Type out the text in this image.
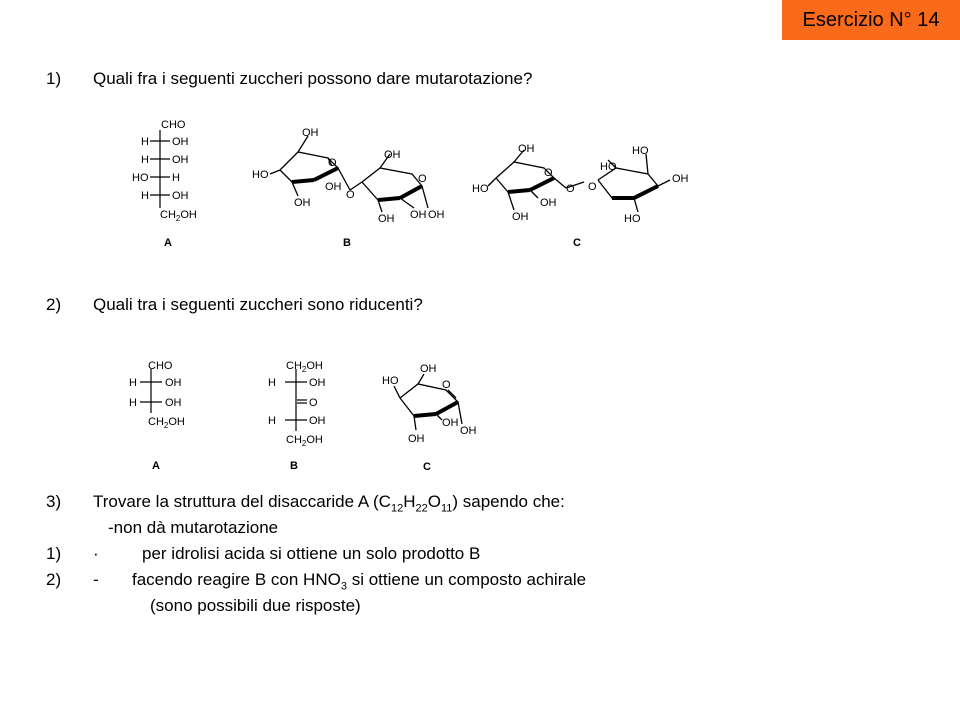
Esercizio N° 14
1) Quali fra i seguenti zuccheri possono dare mutarotazione?
CHO
H OH
H OH
HO H
H OH
$CH_2OH$
A
OH
HO
O
OH
OH
O
OH
O
OH OH OH
B
OH
HO
O
OH
OH
O O
HO
HO
OH
HO
C
2) Quali tra i seguenti zuccheri sono riducenti?
CHO
H	OH
H	OH
$CH_2OH$
A
$CH_2OH$
H	OH
O
H	OH
$CH_2OH$
B
OH
HO	O
OH
OH
OH
C
3) Trovare la struttura del disaccaride A $(C_{12}H_{22}O_{11})$ sapendo che:
-non dà mutarotazione
1) ·	per idrolisi acida si ottiene un solo prodotto B
2) - facendo reagire B con $HNO_3$ si ottiene un composto achirale
(sono possibili due risposte)
